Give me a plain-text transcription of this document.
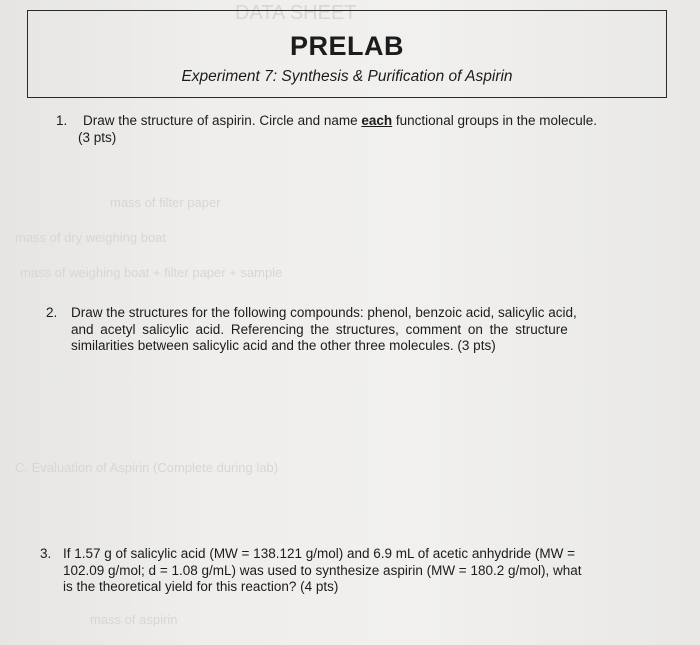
DATA SHEET
mass of filter paper
mass of dry weighing boat
mass of weighing boat + filter paper + sample
C. Evaluation of Aspirin (Complete during lab)
mass of aspirin
PRELAB
Experiment 7: Synthesis & Purification of Aspirin
1. Draw the structure of aspirin. Circle and name each functional groups in the molecule.
(3 pts)
2. Draw the structures for the following compounds: phenol, benzoic acid, salicylic acid,
and acetyl salicylic acid. Referencing the structures, comment on the structure
similarities between salicylic acid and the other three molecules. (3 pts)
3. If 1.57 g of salicylic acid (MW = 138.121 g/mol) and 6.9 mL of acetic anhydride (MW =
102.09 g/mol; d = 1.08 g/mL) was used to synthesize aspirin (MW = 180.2 g/mol), what
is the theoretical yield for this reaction? (4 pts)
